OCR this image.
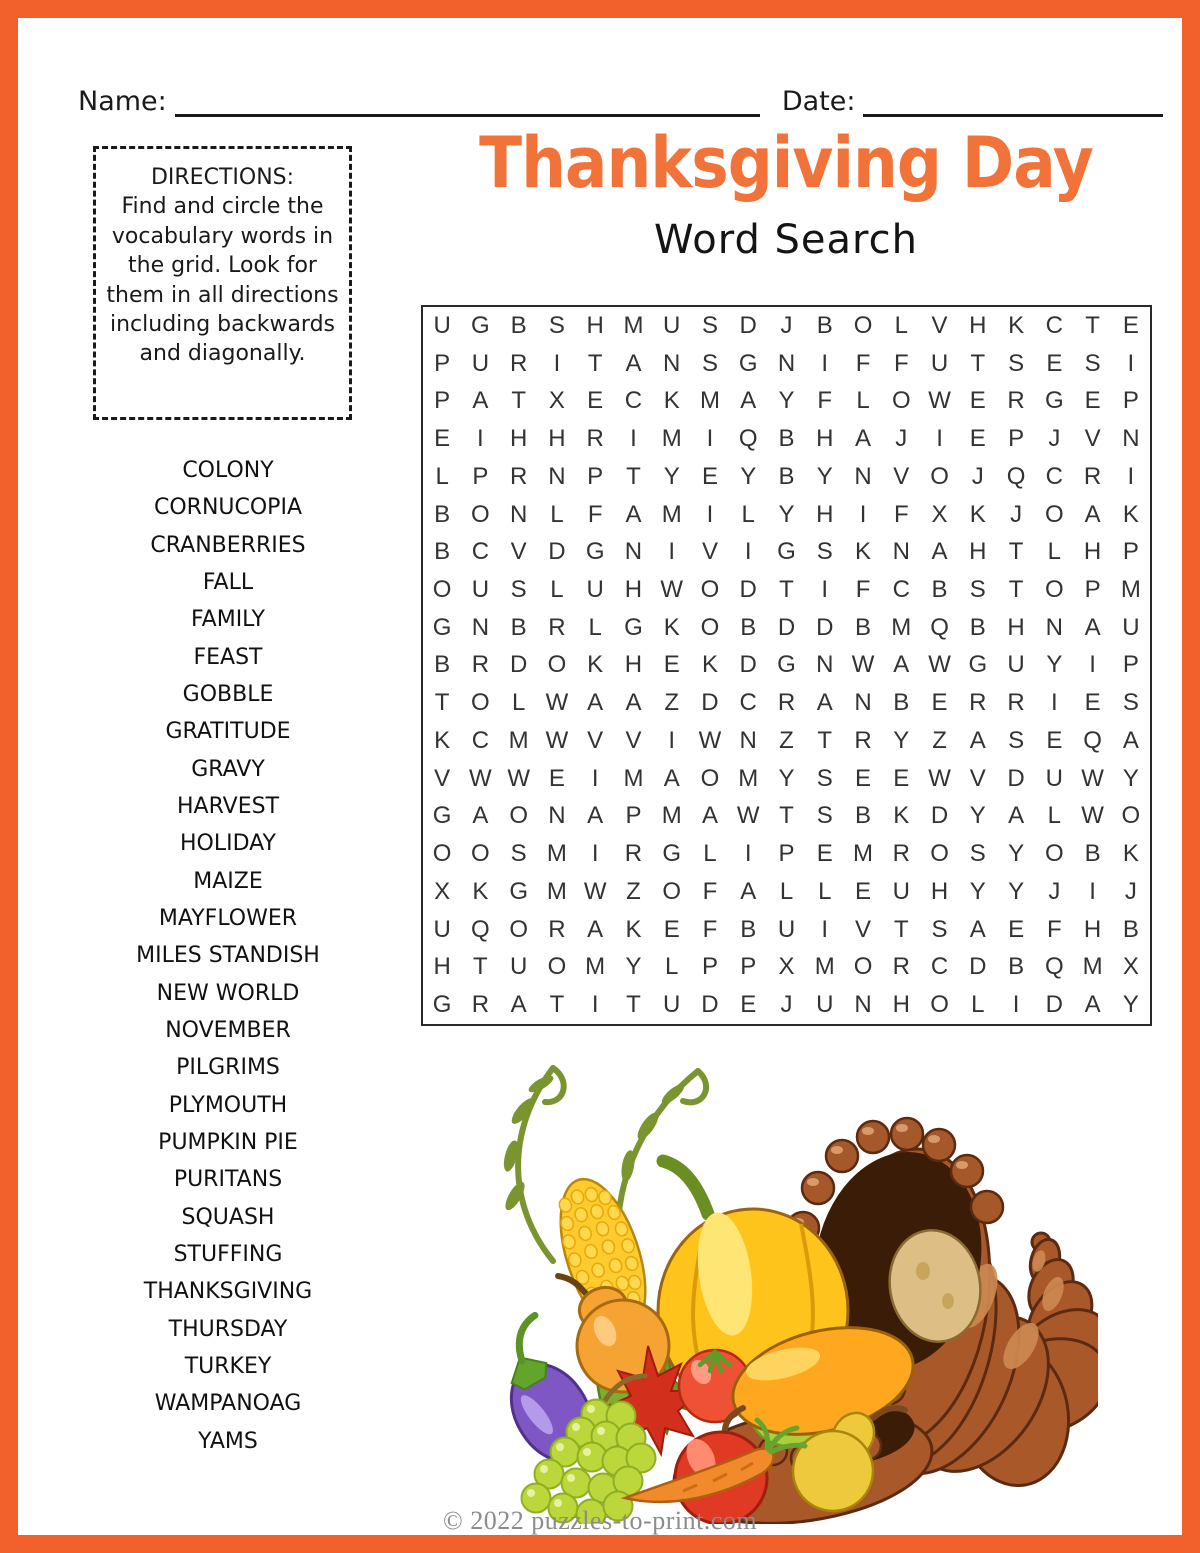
Name:	Date:
DIRECTIONS:
Find and circle the vocabulary words in the grid. Look for them in all directions including backwards and diagonally.
Thanksgiving Day
Word Search
U G B S H M U S D J	B O L V H K C T E
P U R	I	T A N S G N	I	F F U T S E S	I
P A T X E C K M A Y F	L O W E R G E P
E	I	H H R	I	M	I	Q B H A	J	I	E P	J	V N
L P R N P T Y E Y B Y N V O J Q C R	I
B O N L	F A M	I	L Y H	I	F X K	J O A K
B C V D G N	I	V	I	G S K N A H T	L H P
O U S L U H W O D T	I	F C B S T O P M
G N B R L G K O B D D B M Q B H N A U
B R D O K H E K D G N W A W G U Y	I	P
T O L W A A Z D C R A N B E R R	I	E S
K C M W V V	I W N Z T R Y Z A S E Q A
V W W E	I	M A O M Y S E E W V D U W Y
G A O N A P M A W T S B K D Y A L W O
O O S M	I	R G L	I	P E M R O S Y O B K
X K G M W Z O F A L	L E U H Y Y	J	I	J
U Q O R A K E F B U	I	V T S A E F H B
H T U O M Y L P P X M O R C D B Q M X
G R A T	I	T U D E	J U N H O L	I	D A Y
COLONY
CORNUCOPIA
CRANBERRIES
FALL
FAMILY
FEAST
GOBBLE
GRATITUDE
GRAVY
HARVEST
HOLIDAY
MAIZE
MAYFLOWER
MILES STANDISH
NEW WORLD
NOVEMBER
PILGRIMS
PLYMOUTH
PUMPKIN PIE
PURITANS
SQUASH
STUFFING
THANKSGIVING
THURSDAY
TURKEY
WAMPANOAG
YAMS
© 2022 puzzles-to-print.com
